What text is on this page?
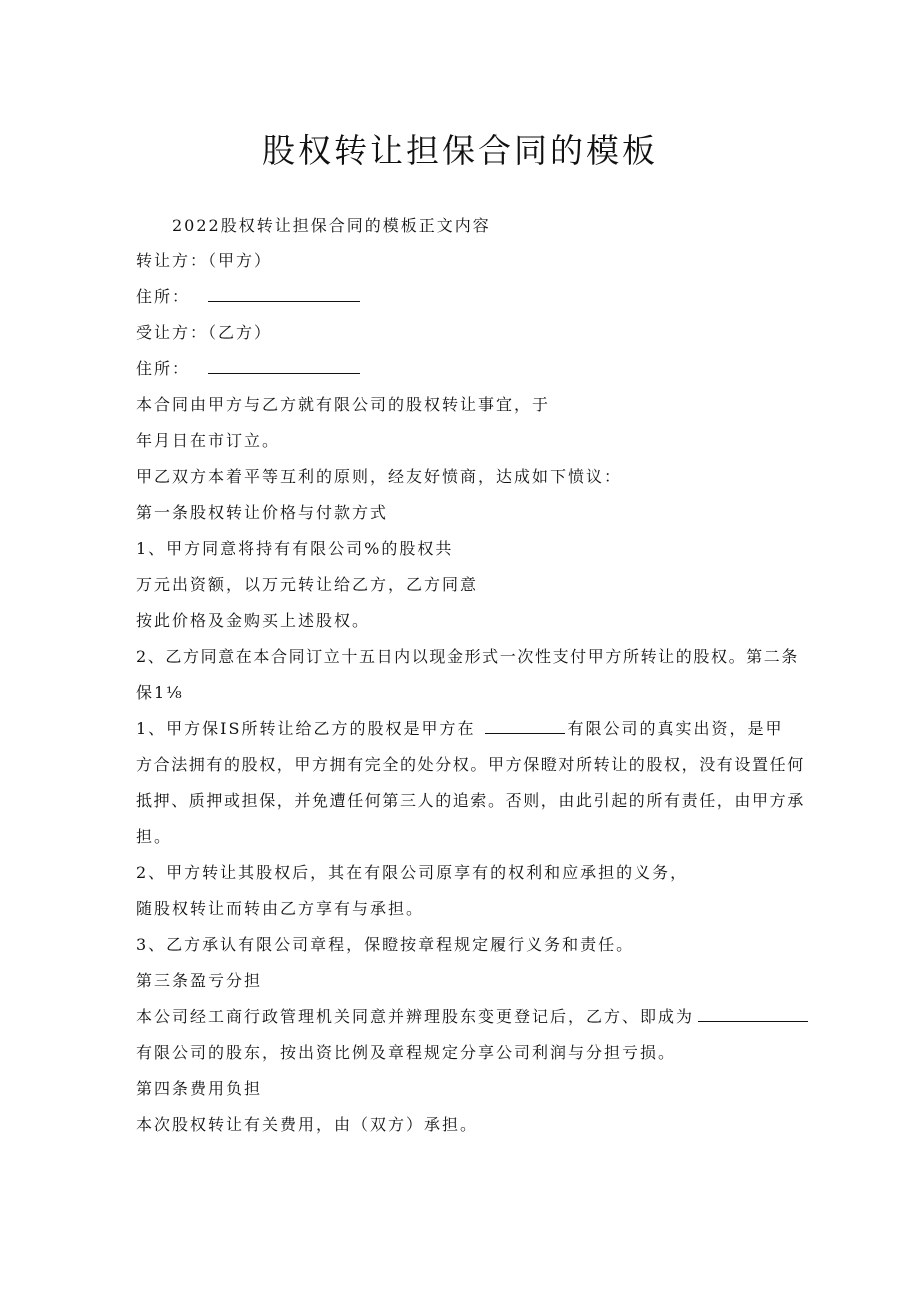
股权转让担保合同的模板
2022股权转让担保合同的模板正文内容
转让方：（甲方）
住所：
受让方：（乙方）
住所：
本合同由甲方与乙方就有限公司的股权转让事宜，于
年月日在市订立。
甲乙双方本着平等互利的原则，经友好愤商，达成如下愤议：
第一条股权转让价格与付款方式
1、甲方同意将持有有限公司%的股权共
万元出资额，以万元转让给乙方，乙方同意
按此价格及金购买上述股权。
2、乙方同意在本合同订立十五日内以现金形式一次性支付甲方所转让的股权。第二条
保1⅛
1、甲方保IS所转让给乙方的股权是甲方在	有限公司的真实出资，是甲
方合法拥有的股权，甲方拥有完全的处分权。甲方保瞪对所转让的股权，没有设置任何
抵押、质押或担保，并免遭任何第三人的追索。否则，由此引起的所有责任，由甲方承
担。
2、甲方转让其股权后，其在有限公司原享有的权利和应承担的义务，
随股权转让而转由乙方享有与承担。
3、乙方承认有限公司章程，保瞪按章程规定履行义务和责任。
第三条盈亏分担
本公司经工商行政管理机关同意并辨理股东变更登记后，乙方、即成为
有限公司的股东，按出资比例及章程规定分享公司利润与分担亏损。
第四条费用负担
本次股权转让有关费用，由（双方）承担。
